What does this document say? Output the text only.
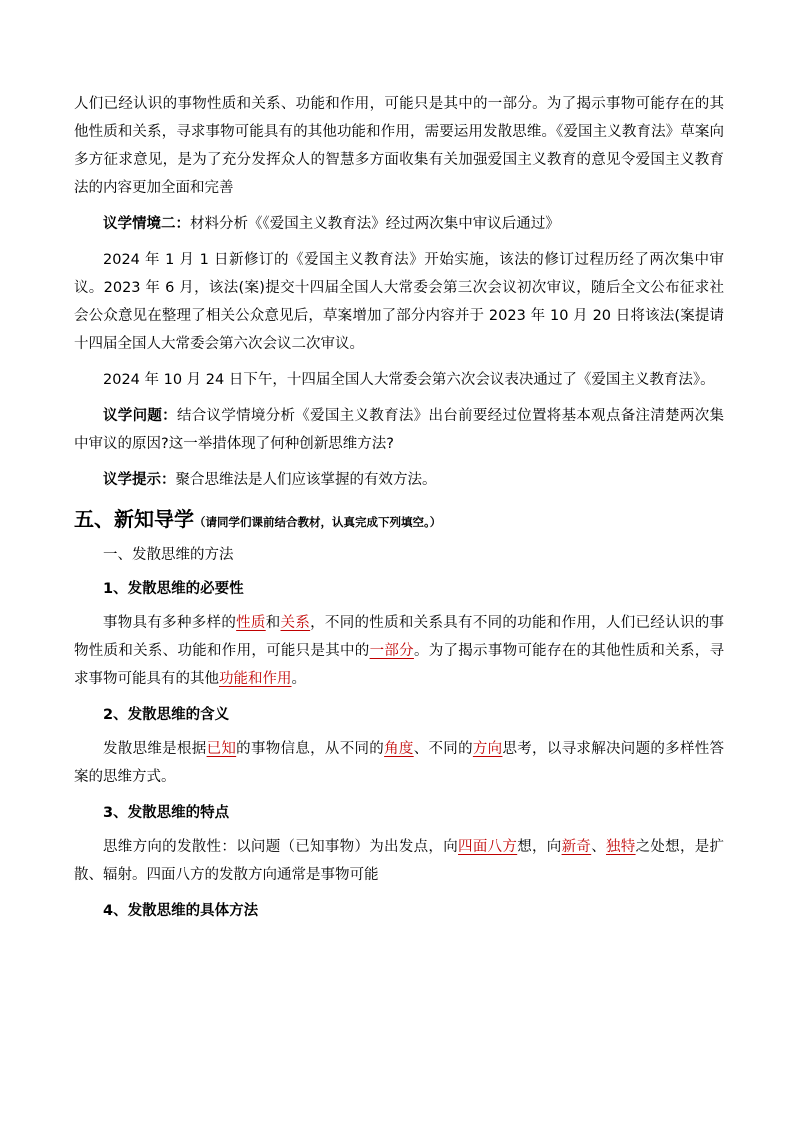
人们已经认识的事物性质和关系、功能和作用，可能只是其中的一部分。为了揭示事物可能存在的其他性质和关系，寻求事物可能具有的其他功能和作用，需要运用发散思维。《爱国主义教育法》草案向多方征求意见，是为了充分发挥众人的智慧多方面收集有关加强爱国主义教育的意见令爱国主义教育法的内容更加全面和完善

议学情境二：材料分析《《爱国主义教育法》经过两次集中审议后通过》

2024 年 1 月 1 日新修订的《爱国主义教育法》开始实施，该法的修订过程历经了两次集中审议。2023 年 6 月，该法(案)提交十四届全国人大常委会第三次会议初次审议，随后全文公布征求社会公众意见在整理了相关公众意见后，草案增加了部分内容并于 2023 年 10 月 20 日将该法(案提请十四届全国人大常委会第六次会议二次审议。

2024 年 10 月 24 日下午，十四届全国人大常委会第六次会议表决通过了《爱国主义教育法》。

议学问题：结合议学情境分析《爱国主义教育法》出台前要经过位置将基本观点备注清楚两次集中审议的原因?这一举措体现了何种创新思维方法?

议学提示：聚合思维法是人们应该掌握的有效方法。

五、新知导学（请同学们课前结合教材，认真完成下列填空。）

一、发散思维的方法

1、发散思维的必要性

事物具有多种多样的性质和关系，不同的性质和关系具有不同的功能和作用，人们已经认识的事物性质和关系、功能和作用，可能只是其中的一部分。为了揭示事物可能存在的其他性质和关系，寻求事物可能具有的其他功能和作用。

2、发散思维的含义

发散思维是根据已知的事物信息，从不同的角度、不同的方向思考，以寻求解决问题的多样性答案的思维方式。

3、发散思维的特点

思维方向的发散性：以问题（已知事物）为出发点，向四面八方想，向新奇、独特之处想，是扩散、辐射。四面八方的发散方向通常是事物可能

4、发散思维的具体方法
